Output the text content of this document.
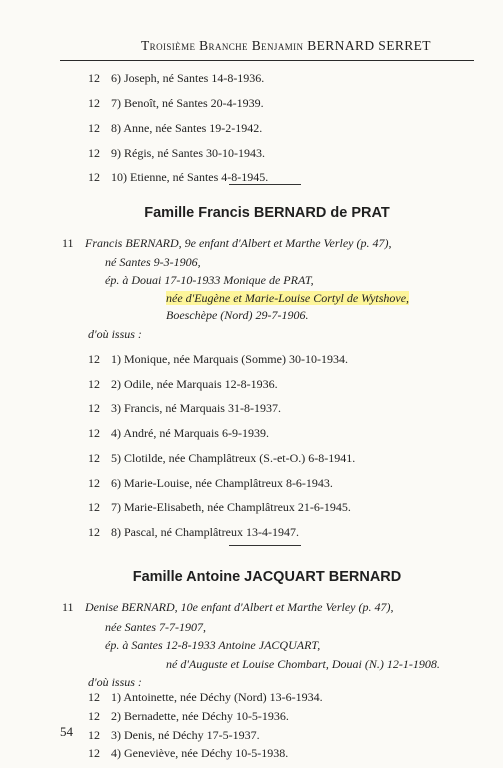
Troisième Branche Benjamin BERNARD SERRET
12 6) Joseph, né Santes 14-8-1936.
12 7) Benoît, né Santes 20-4-1939.
12 8) Anne, née Santes 19-2-1942.
12 9) Régis, né Santes 30-10-1943.
12 10) Etienne, né Santes 4-8-1945.
Famille Francis BERNARD de PRAT
11 Francis BERNARD, 9e enfant d'Albert et Marthe Verley (p. 47),
né Santes 9-3-1906,
ép. à Douai 17-10-1933 Monique de PRAT,
née d'Eugène et Marie-Louise Cortyl de Wytshove,
Boeschèpe (Nord) 29-7-1906.
d'où issus :
12 1) Monique, née Marquais (Somme) 30-10-1934.
12 2) Odile, née Marquais 12-8-1936.
12 3) Francis, né Marquais 31-8-1937.
12 4) André, né Marquais 6-9-1939.
12 5) Clotilde, née Champlâtreux (S.-et-O.) 6-8-1941.
12 6) Marie-Louise, née Champlâtreux 8-6-1943.
12 7) Marie-Elisabeth, née Champlâtreux 21-6-1945.
12 8) Pascal, né Champlâtreux 13-4-1947.
Famille Antoine JACQUART BERNARD
11 Denise BERNARD, 10e enfant d'Albert et Marthe Verley (p. 47),
née Santes 7-7-1907,
ép. à Santes 12-8-1933 Antoine JACQUART,
né d'Auguste et Louise Chombart, Douai (N.) 12-1-1908.
d'où issus :
12 1) Antoinette, née Déchy (Nord) 13-6-1934.
12 2) Bernadette, née Déchy 10-5-1936.
12 3) Denis, né Déchy 17-5-1937.
12 4) Geneviève, née Déchy 10-5-1938.
54
